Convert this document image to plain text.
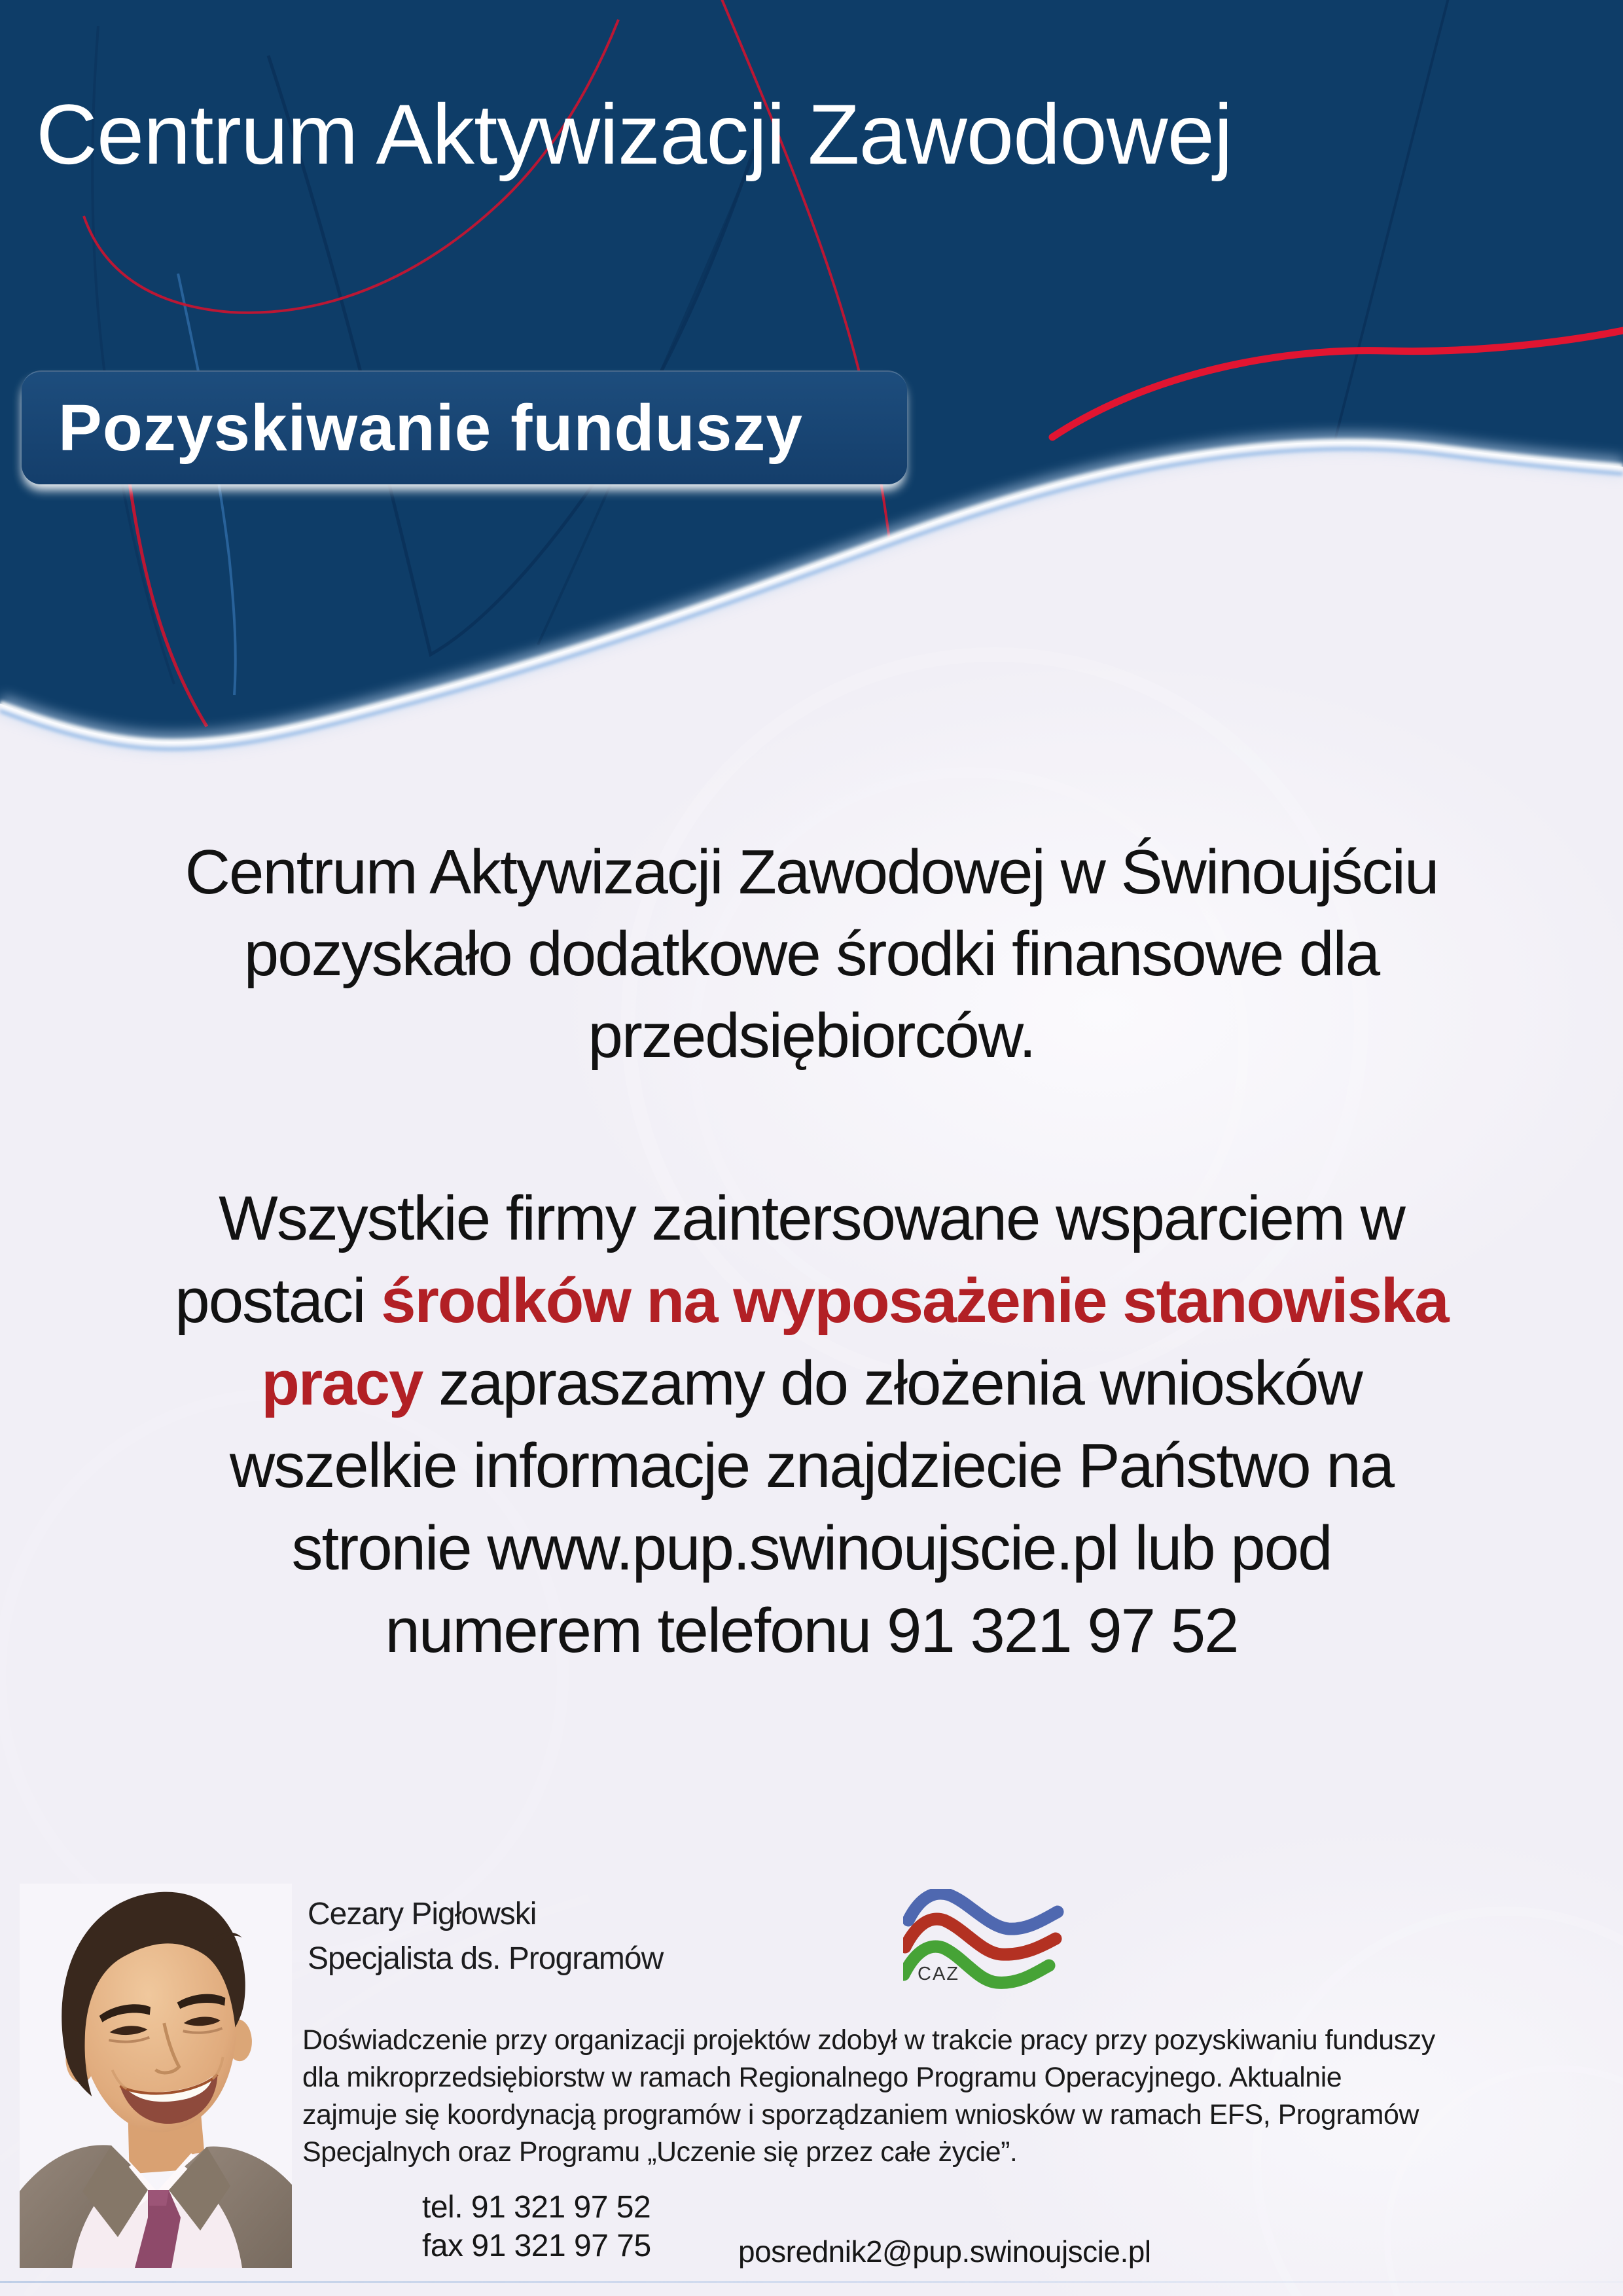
Centrum Aktywizacji Zawodowej
Pozyskiwanie funduszy
Centrum Aktywizacji Zawodowej w Świnoujściu
pozyskało dodatkowe środki finansowe dla
przedsiębiorców.
Wszystkie firmy zaintersowane wsparciem w
postaci środków na wyposażenie stanowiska
pracy zapraszamy do złożenia wniosków
wszelkie informacje znajdziecie Państwo na
stronie www.pup.swinoujscie.pl lub pod
numerem telefonu 91 321 97 52
Cezary Pigłowski
Specjalista ds. Programów	CAZ
Doświadczenie przy organizacji projektów zdobył w trakcie pracy przy pozyskiwaniu funduszy
dla mikroprzedsiębiorstw w ramach Regionalnego Programu Operacyjnego. Aktualnie
zajmuje się koordynacją programów i sporządzaniem wniosków w ramach EFS, Programów
Specjalnych oraz Programu „Uczenie się przez całe życie”.
tel. 91 321 97 52
fax 91 321 97 75	posrednik2@pup.swinoujscie.pl
